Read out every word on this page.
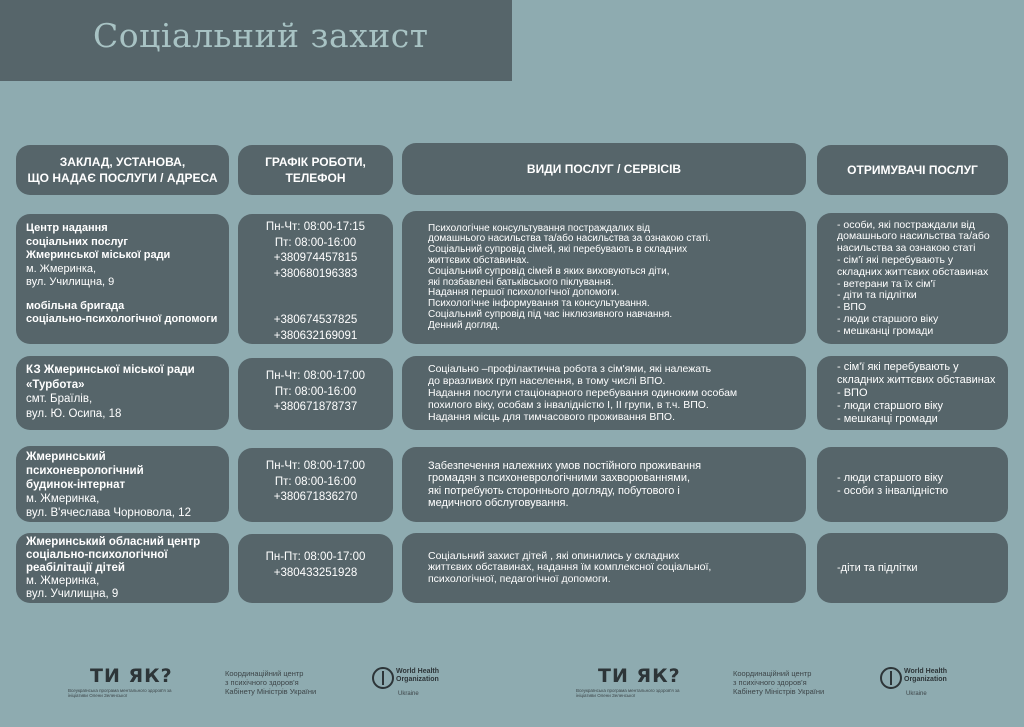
Соціальний захист
ЗАКЛАД, УСТАНОВА,
ЩО НАДАЄ ПОСЛУГИ / АДРЕСА
ГРАФІК РОБОТИ,
ТЕЛЕФОН
ВИДИ ПОСЛУГ / СЕРВІСІВ	ОТРИМУВАЧІ ПОСЛУГ
Центр надання
соціальних послуг
Жмеринської міської ради
м. Жмеринка,
вул. Училищна, 9
мобільна бригада
соціально-психологічної допомоги
Пн-Чт: 08:00-17:15
Пт: 08:00-16:00
+380974457815
+380680196383
+380674537825
+380632169091
Психологічне консультування постраждалих від
домашнього насильства та/або насильства за ознакою статі.
Соціальний супровід сімей, які перебувають в складних
життєвих обставинах.
Соціальний супровід сімей в яких виховуються діти,
які позбавлені батьківського піклування.
Надання першої психологічної допомоги.
Психологічне інформування та консультування.
Соціальний супровід під час інклюзивного навчання.
Денний догляд.
- особи, які постраждали від
домашнього насильства та/або
насильства за ознакою статі
- сім'ї які перебувають у
складних життєвих обставинах
- ветерани та їх сім'ї
- діти та підлітки
- ВПО
- люди старшого віку
- мешканці громади
КЗ Жмеринської міської ради
«Турбота»
смт. Браїлів,
вул. Ю. Осипа, 18
Пн-Чт: 08:00-17:00
Пт: 08:00-16:00
+380671878737
Соціально –профілактична робота з сім'ями, які належать
до вразливих груп населення, в тому числі ВПО.
Надання послуги стаціонарного перебування одиноким особам
похилого віку, особам з інвалідністю І, ІІ групи, в т.ч. ВПО.
Надання місць для тимчасового проживання ВПО.
- сім'ї які перебувають у
складних життєвих обставинах
- ВПО
- люди старшого віку
- мешканці громади
Жмеринський
психоневрологічний
будинок-інтернат
м. Жмеринка,
вул. В'ячеслава Чорновола, 12
Пн-Чт: 08:00-17:00
Пт: 08:00-16:00
+380671836270
Забезпечення належних умов постійного проживання
громадян з психоневрологічними захворюваннями,
які потребують стороннього догляду, побутового і
медичного обслуговування.
- люди старшого віку
- особи з інвалідністю
Жмеринський обласний центр
соціально-психологічної
реабілітації дітей
м. Жмеринка,
вул. Училищна, 9
Пн-Пт: 08:00-17:00
+380433251928
Соціальний захист дітей , які опинились у складних
життєвих обставинах, надання їм комплексної соціальної,
психологічної, педагогічної допомоги.
-діти та підлітки
ТИ ЯК?
Всеукраїнська програма ментального здоров'я за ініціативи Олени Зеленської
Координаційний центр
з психічного здоров'я
Кабінету Міністрів України
World Health
Organization
Ukraine
ТИ ЯК?
Всеукраїнська програма ментального здоров'я за ініціативи Олени Зеленської
Координаційний центр
з психічного здоров'я
Кабінету Міністрів України
World Health
Organization
Ukraine
